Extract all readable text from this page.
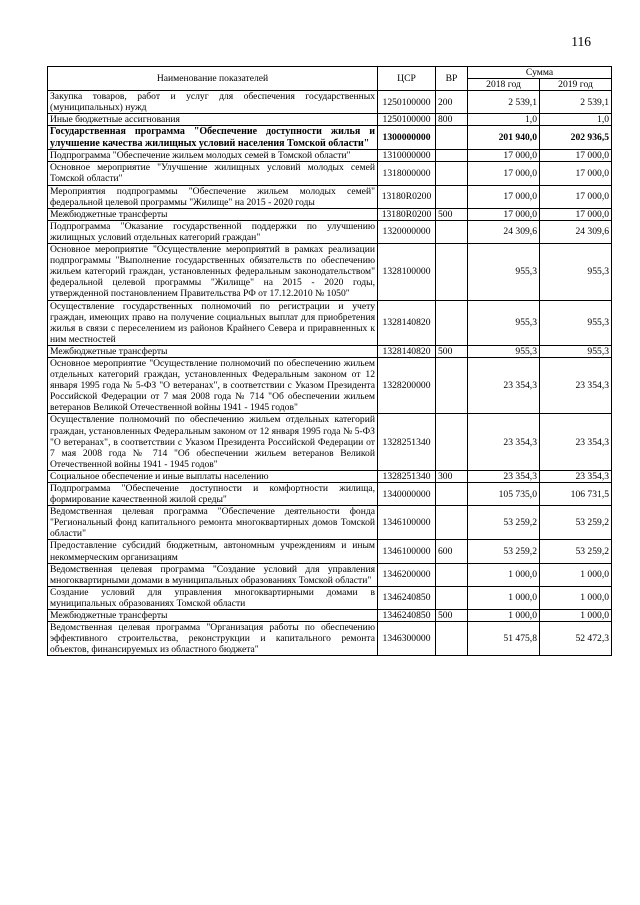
116
Наименование показателей	ЦСР	ВР	Сумма	
			2018 год	2019 год
Закупка товаров, работ и услуг для обеспечения государственных (муниципальных) нужд	1250100000	200	2 539,1	2 539,1
Иные бюджетные ассигнования	1250100000	800	1,0	1,0
Государственная программа "Обеспечение доступности жилья и улучшение качества жилищных условий населения Томской области"	1300000000		201 940,0	202 936,5
Подпрограмма "Обеспечение жильем молодых семей в Томской области"	1310000000		17 000,0	17 000,0
Основное мероприятие "Улучшение жилищных условий молодых семей Томской области"	1318000000		17 000,0	17 000,0
Мероприятия подпрограммы "Обеспечение жильем молодых семей" федеральной целевой программы "Жилище" на 2015 - 2020 годы	13180R0200		17 000,0	17 000,0
Межбюджетные трансферты	13180R0200	500	17 000,0	17 000,0
Подпрограмма "Оказание государственной поддержки по улучшению жилищных условий отдельных категорий граждан"	1320000000		24 309,6	24 309,6
Основное мероприятие "Осуществление мероприятий в рамках реализации подпрограммы "Выполнение государственных обязательств по обеспечению жильем категорий граждан, установленных федеральным законодательством" федеральной целевой программы "Жилище" на 2015 - 2020 годы, утвержденной постановлением Правительства РФ от 17.12.2010 № 1050"	1328100000		955,3	955,3
Осуществление государственных полномочий по регистрации и учету граждан, имеющих право на получение социальных выплат для приобретения жилья в связи с переселением из районов Крайнего Севера и приравненных к ним местностей	1328140820		955,3	955,3
Межбюджетные трансферты	1328140820	500	955,3	955,3
Основное мероприятие "Осуществление полномочий по обеспечению жильем отдельных категорий граждан, установленных Федеральным законом от 12 января 1995 года № 5-ФЗ "О ветеранах", в соответствии с Указом Президента Российской Федерации от 7 мая 2008 года № 714 "Об обеспечении жильем ветеранов Великой Отечественной войны 1941 - 1945 годов"	1328200000		23 354,3	23 354,3
Осуществление полномочий по обеспечению жильем отдельных категорий граждан, установленных Федеральным законом от 12 января 1995 года № 5-ФЗ "О ветеранах", в соответствии с Указом Президента Российской Федерации от 7 мая 2008 года № 714 "Об обеспечении жильем ветеранов Великой Отечественной войны 1941 - 1945 годов"	1328251340		23 354,3	23 354,3
Социальное обеспечение и иные выплаты населению	1328251340	300	23 354,3	23 354,3
Подпрограмма "Обеспечение доступности и комфортности жилища, формирование качественной жилой среды"	1340000000		105 735,0	106 731,5
Ведомственная целевая программа "Обеспечение деятельности фонда "Региональный фонд капитального ремонта многоквартирных домов Томской области"	1346100000		53 259,2	53 259,2
Предоставление субсидий бюджетным, автономным учреждениям и иным некоммерческим организациям	1346100000	600	53 259,2	53 259,2
Ведомственная целевая программа "Создание условий для управления многоквартирными домами в муниципальных образованиях Томской области"	1346200000		1 000,0	1 000,0
Создание условий для управления многоквартирными домами в муниципальных образованиях Томской области	1346240850		1 000,0	1 000,0
Межбюджетные трансферты	1346240850	500	1 000,0	1 000,0
Ведомственная целевая программа "Организация работы по обеспечению эффективного строительства, реконструкции и капитального ремонта объектов, финансируемых из областного бюджета"	1346300000		51 475,8	52 472,3
